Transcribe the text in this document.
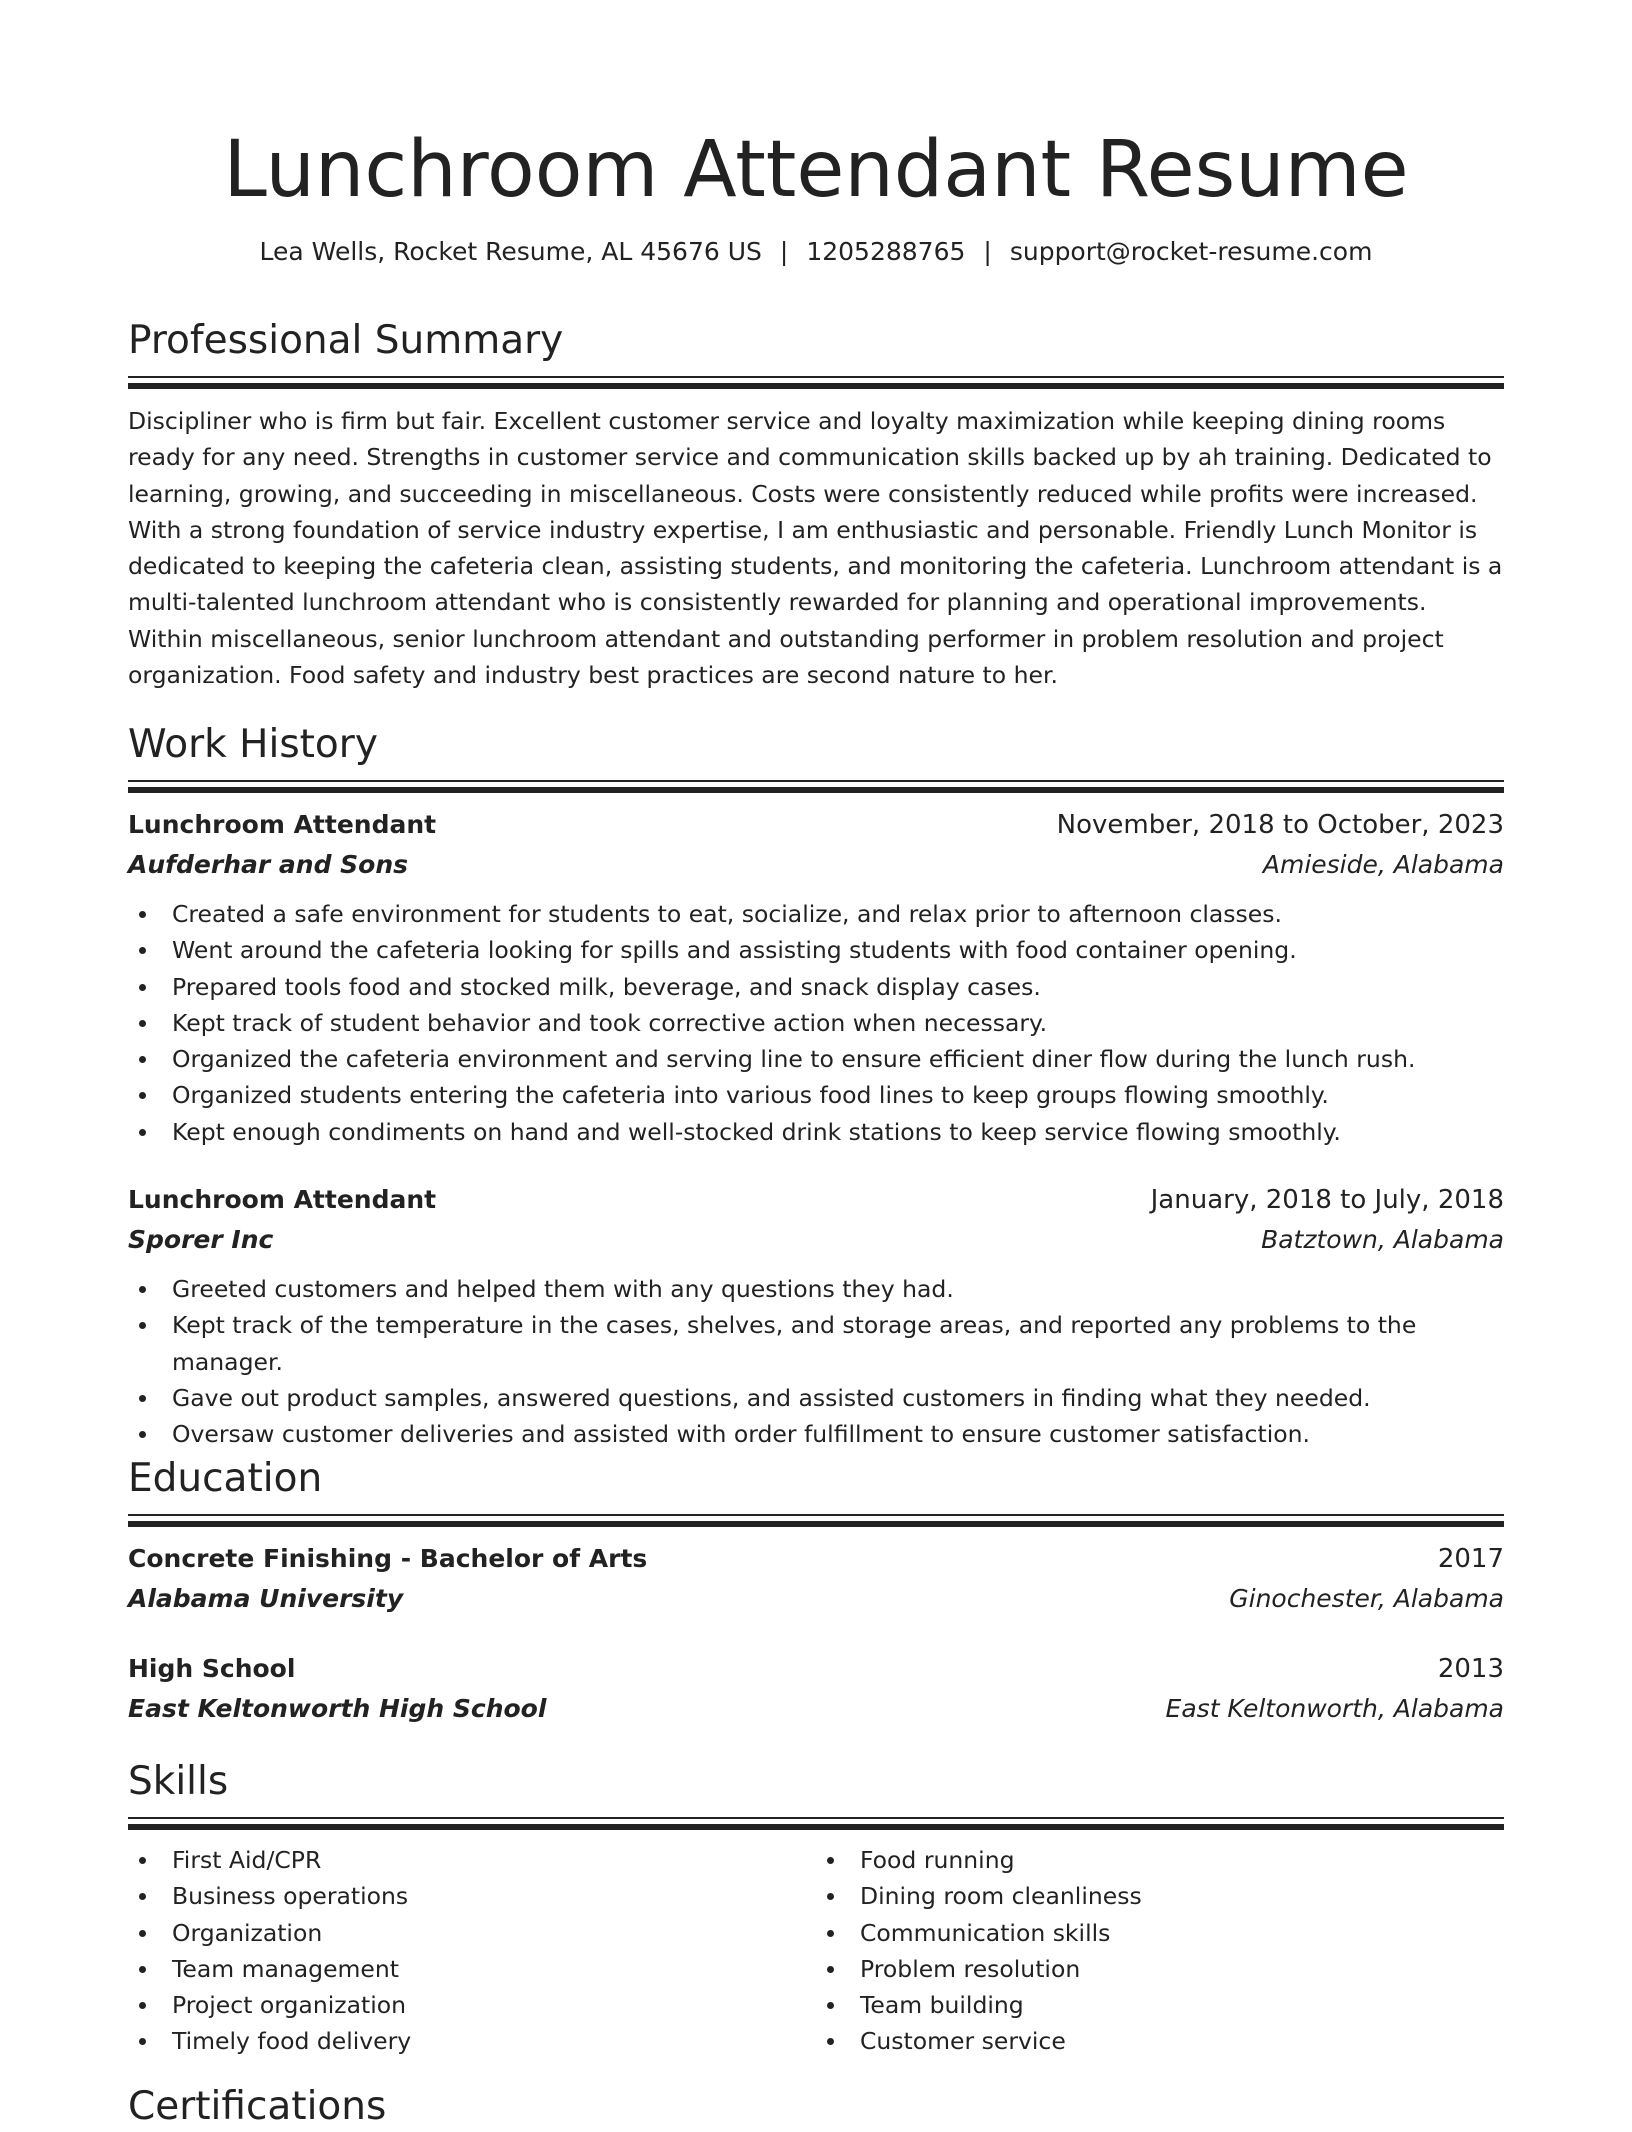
Lunchroom Attendant Resume
Lea Wells, Rocket Resume, AL 45676 US | 1205288765 | support@rocket-resume.com
Professional Summary
Discipliner who is firm but fair. Excellent customer service and loyalty maximization while keeping dining rooms ready for any need. Strengths in customer service and communication skills backed up by ah training. Dedicated to learning, growing, and succeeding in miscellaneous. Costs were consistently reduced while profits were increased. With a strong foundation of service industry expertise, I am enthusiastic and personable. Friendly Lunch Monitor is dedicated to keeping the cafeteria clean, assisting students, and monitoring the cafeteria. Lunchroom attendant is a multi-talented lunchroom attendant who is consistently rewarded for planning and operational improvements. Within miscellaneous, senior lunchroom attendant and outstanding performer in problem resolution and project organization. Food safety and industry best practices are second nature to her.
Work History
Lunchroom Attendant	November, 2018 to October, 2023
Aufderhar and Sons	Amieside, Alabama
Created a safe environment for students to eat, socialize, and relax prior to afternoon classes.
Went around the cafeteria looking for spills and assisting students with food container opening.
Prepared tools food and stocked milk, beverage, and snack display cases.
Kept track of student behavior and took corrective action when necessary.
Organized the cafeteria environment and serving line to ensure efficient diner flow during the lunch rush.
Organized students entering the cafeteria into various food lines to keep groups flowing smoothly.
Kept enough condiments on hand and well-stocked drink stations to keep service flowing smoothly.
Lunchroom Attendant	January, 2018 to July, 2018
Sporer Inc	Batztown, Alabama
Greeted customers and helped them with any questions they had.
Kept track of the temperature in the cases, shelves, and storage areas, and reported any problems to the manager.
Gave out product samples, answered questions, and assisted customers in finding what they needed.
Oversaw customer deliveries and assisted with order fulfillment to ensure customer satisfaction.
Education
Concrete Finishing - Bachelor of Arts	2017
Alabama University	Ginochester, Alabama
High School	2013
East Keltonworth High School	East Keltonworth, Alabama
Skills
First Aid/CPR
Business operations
Organization
Team management
Project organization
Timely food delivery
Food running
Dining room cleanliness
Communication skills
Problem resolution
Team building
Customer service
Certifications
